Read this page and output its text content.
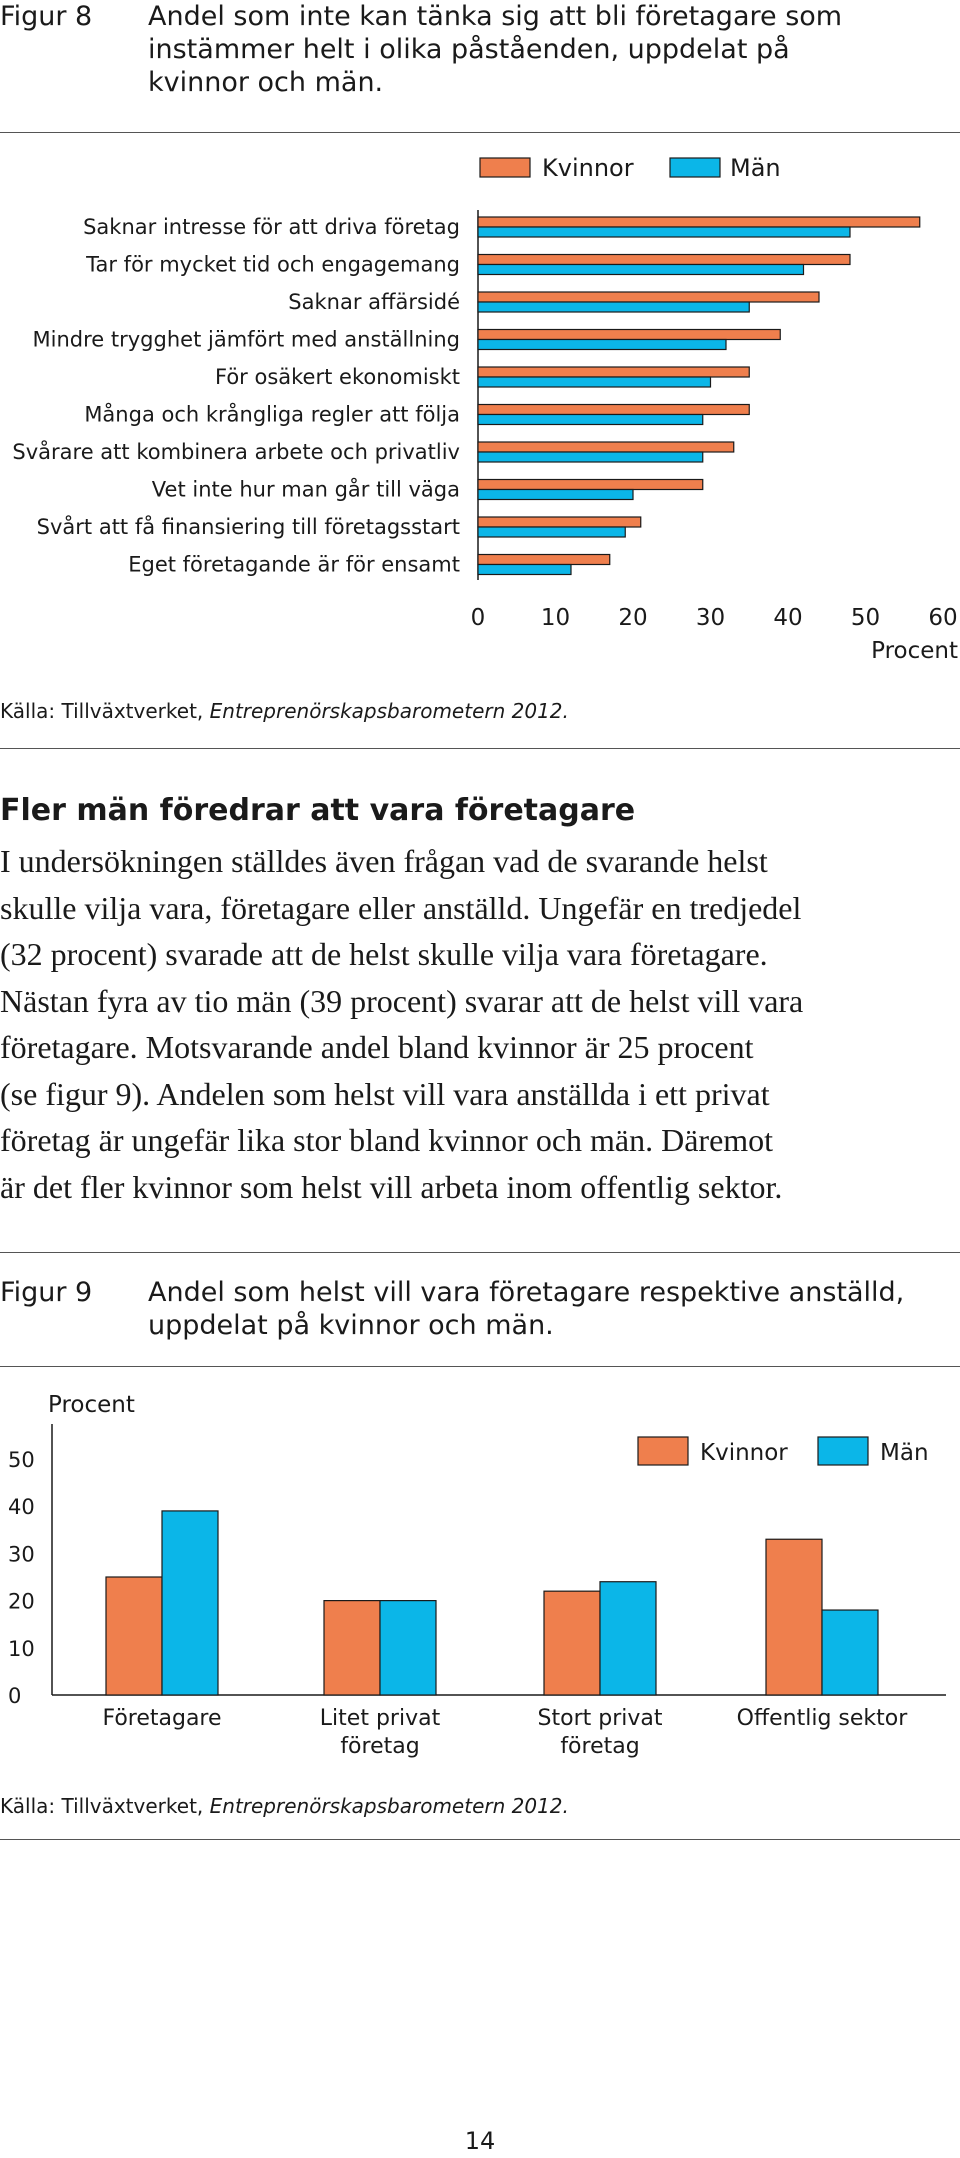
Figur 8 Andel som inte kan tänka sig att bli företagare som
instämmer helt i olika påståenden, uppdelat på
kvinnor och män.
Kvinnor	Män
Saknar intresse för att driva företag
Tar för mycket tid och engagemang
Saknar affärsidé
Mindre trygghet jämfört med anställning
För osäkert ekonomiskt
Många och krångliga regler att följa
Svårare att kombinera arbete och privatliv
Vet inte hur man går till väga
Svårt att få finansiering till företagsstart
Eget företagande är för ensamt
0 10 20 30 40 50 60
Procent
Källa: Tillväxtverket, Entreprenörskapsbarometern 2012.
Fler män föredrar att vara företagare
I undersökningen ställdes även frågan vad de svarande helst
skulle vilja vara, företagare eller anställd. Ungefär en tredjedel
(32 procent) svarade att de helst skulle vilja vara företagare.
Nästan fyra av tio män (39 procent) svarar att de helst vill vara
företagare. Motsvarande andel bland kvinnor är 25 procent
(se figur 9). Andelen som helst vill vara anställda i ett privat
företag är ungefär lika stor bland kvinnor och män. Däremot
är det fler kvinnor som helst vill arbeta inom offentlig sektor.
Figur 9 Andel som helst vill vara företagare respektive anställd,
uppdelat på kvinnor och män.
0
10
20
30
40
50
Procent
Kvinnor	Män
Företagare	Litet privat
företag
Stort privat
företag
Offentlig sektor
Källa: Tillväxtverket, Entreprenörskapsbarometern 2012.
14
